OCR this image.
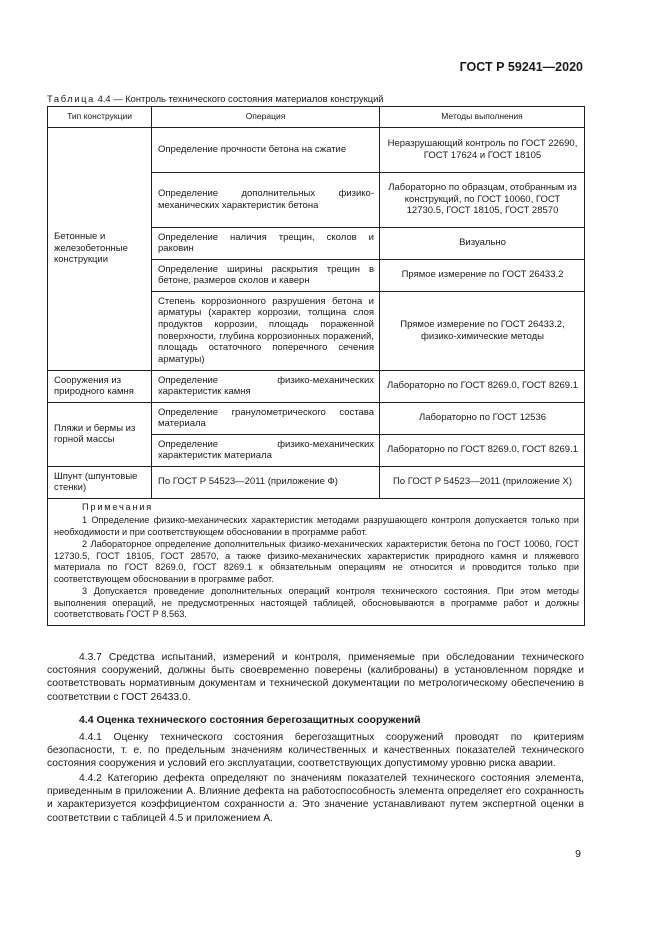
ГОСТ Р 59241—2020
Таблица 4.4 — Контроль технического состояния материалов конструкций
Тип конструкции	Операция	Методы выполнения
Бетонные и железобетонные конструкции	Определение прочности бетона на сжатие	Неразрушающий контроль по ГОСТ 22690, ГОСТ 17624 и ГОСТ 18105
	Определение дополнительных физико-механических характеристик бетона	Лабораторно по образцам, отобранным из конструкций, по ГОСТ 10060, ГОСТ 12730.5, ГОСТ 18105, ГОСТ 28570
	Определение наличия трещин, сколов и раковин	Визуально
	Определение ширины раскрытия трещин в бетоне, размеров сколов и каверн	Прямое измерение по ГОСТ 26433.2
	Степень коррозионного разрушения бетона и арматуры (характер коррозии, толщина слоя продуктов коррозии, площадь пораженной поверхности, глубина коррозионных поражений, площадь остаточного поперечного сечения арматуры)	Прямое измерение по ГОСТ 26433.2, физико-химические методы
Сооружения из природного камня	Определение физико-механических характеристик камня	Лабораторно по ГОСТ 8269.0, ГОСТ 8269.1
Пляжи и бермы из горной массы	Определение гранулометрического состава материала	Лабораторно по ГОСТ 12536
	Определение физико-механических характеристик материала	Лабораторно по ГОСТ 8269.0, ГОСТ 8269.1
Шпунт (шпунтовые стенки)	По ГОСТ Р 54523—2011 (приложение Ф)	По ГОСТ Р 54523—2011 (приложение Х)

Примечания

1 Определение физико-механических характеристик методами разрушающего контроля допускается только при необходимости и при соответствующем обосновании в программе работ.

2 Лабораторное определение дополнительных физико-механических характеристик бетона по ГОСТ 10060, ГОСТ 12730.5, ГОСТ 18105, ГОСТ 28570, а также физико-механических характеристик природного камня и пляжевого материала по ГОСТ 8269.0, ГОСТ 8269.1 к обязательным операциям не относится и проводится только при соответствующем обосновании в программе работ.

3 Допускается проведение дополнительных операций контроля технического состояния. При этом методы выполнения операций, не предусмотренных настоящей таблицей, обосновываются в программе работ и должны соответствовать ГОСТ Р 8.563.		

4.3.7 Средства испытаний, измерений и контроля, применяемые при обследовании технического состояния сооружений, должны быть своевременно поверены (калиброваны) в установленном порядке и соответствовать нормативным документам и технической документации по метрологическому обеспечению в соответствии с ГОСТ 26433.0.

4.4 Оценка технического состояния берегозащитных сооружений

4.4.1 Оценку технического состояния берегозащитных сооружений проводят по критериям безопасности, т. е. по предельным значениям количественных и качественных показателей технического состояния сооружения и условий его эксплуатации, соответствующих допустимому уровню риска аварии.

4.4.2 Категорию дефекта определяют по значениям показателей технического состояния элемента, приведенным в приложении А. Влияние дефекта на работоспособность элемента определяет его сохранность и характеризуется коэффициентом сохранности a. Это значение устанавливают путем экспертной оценки в соответствии с таблицей 4.5 и приложением А.

9
